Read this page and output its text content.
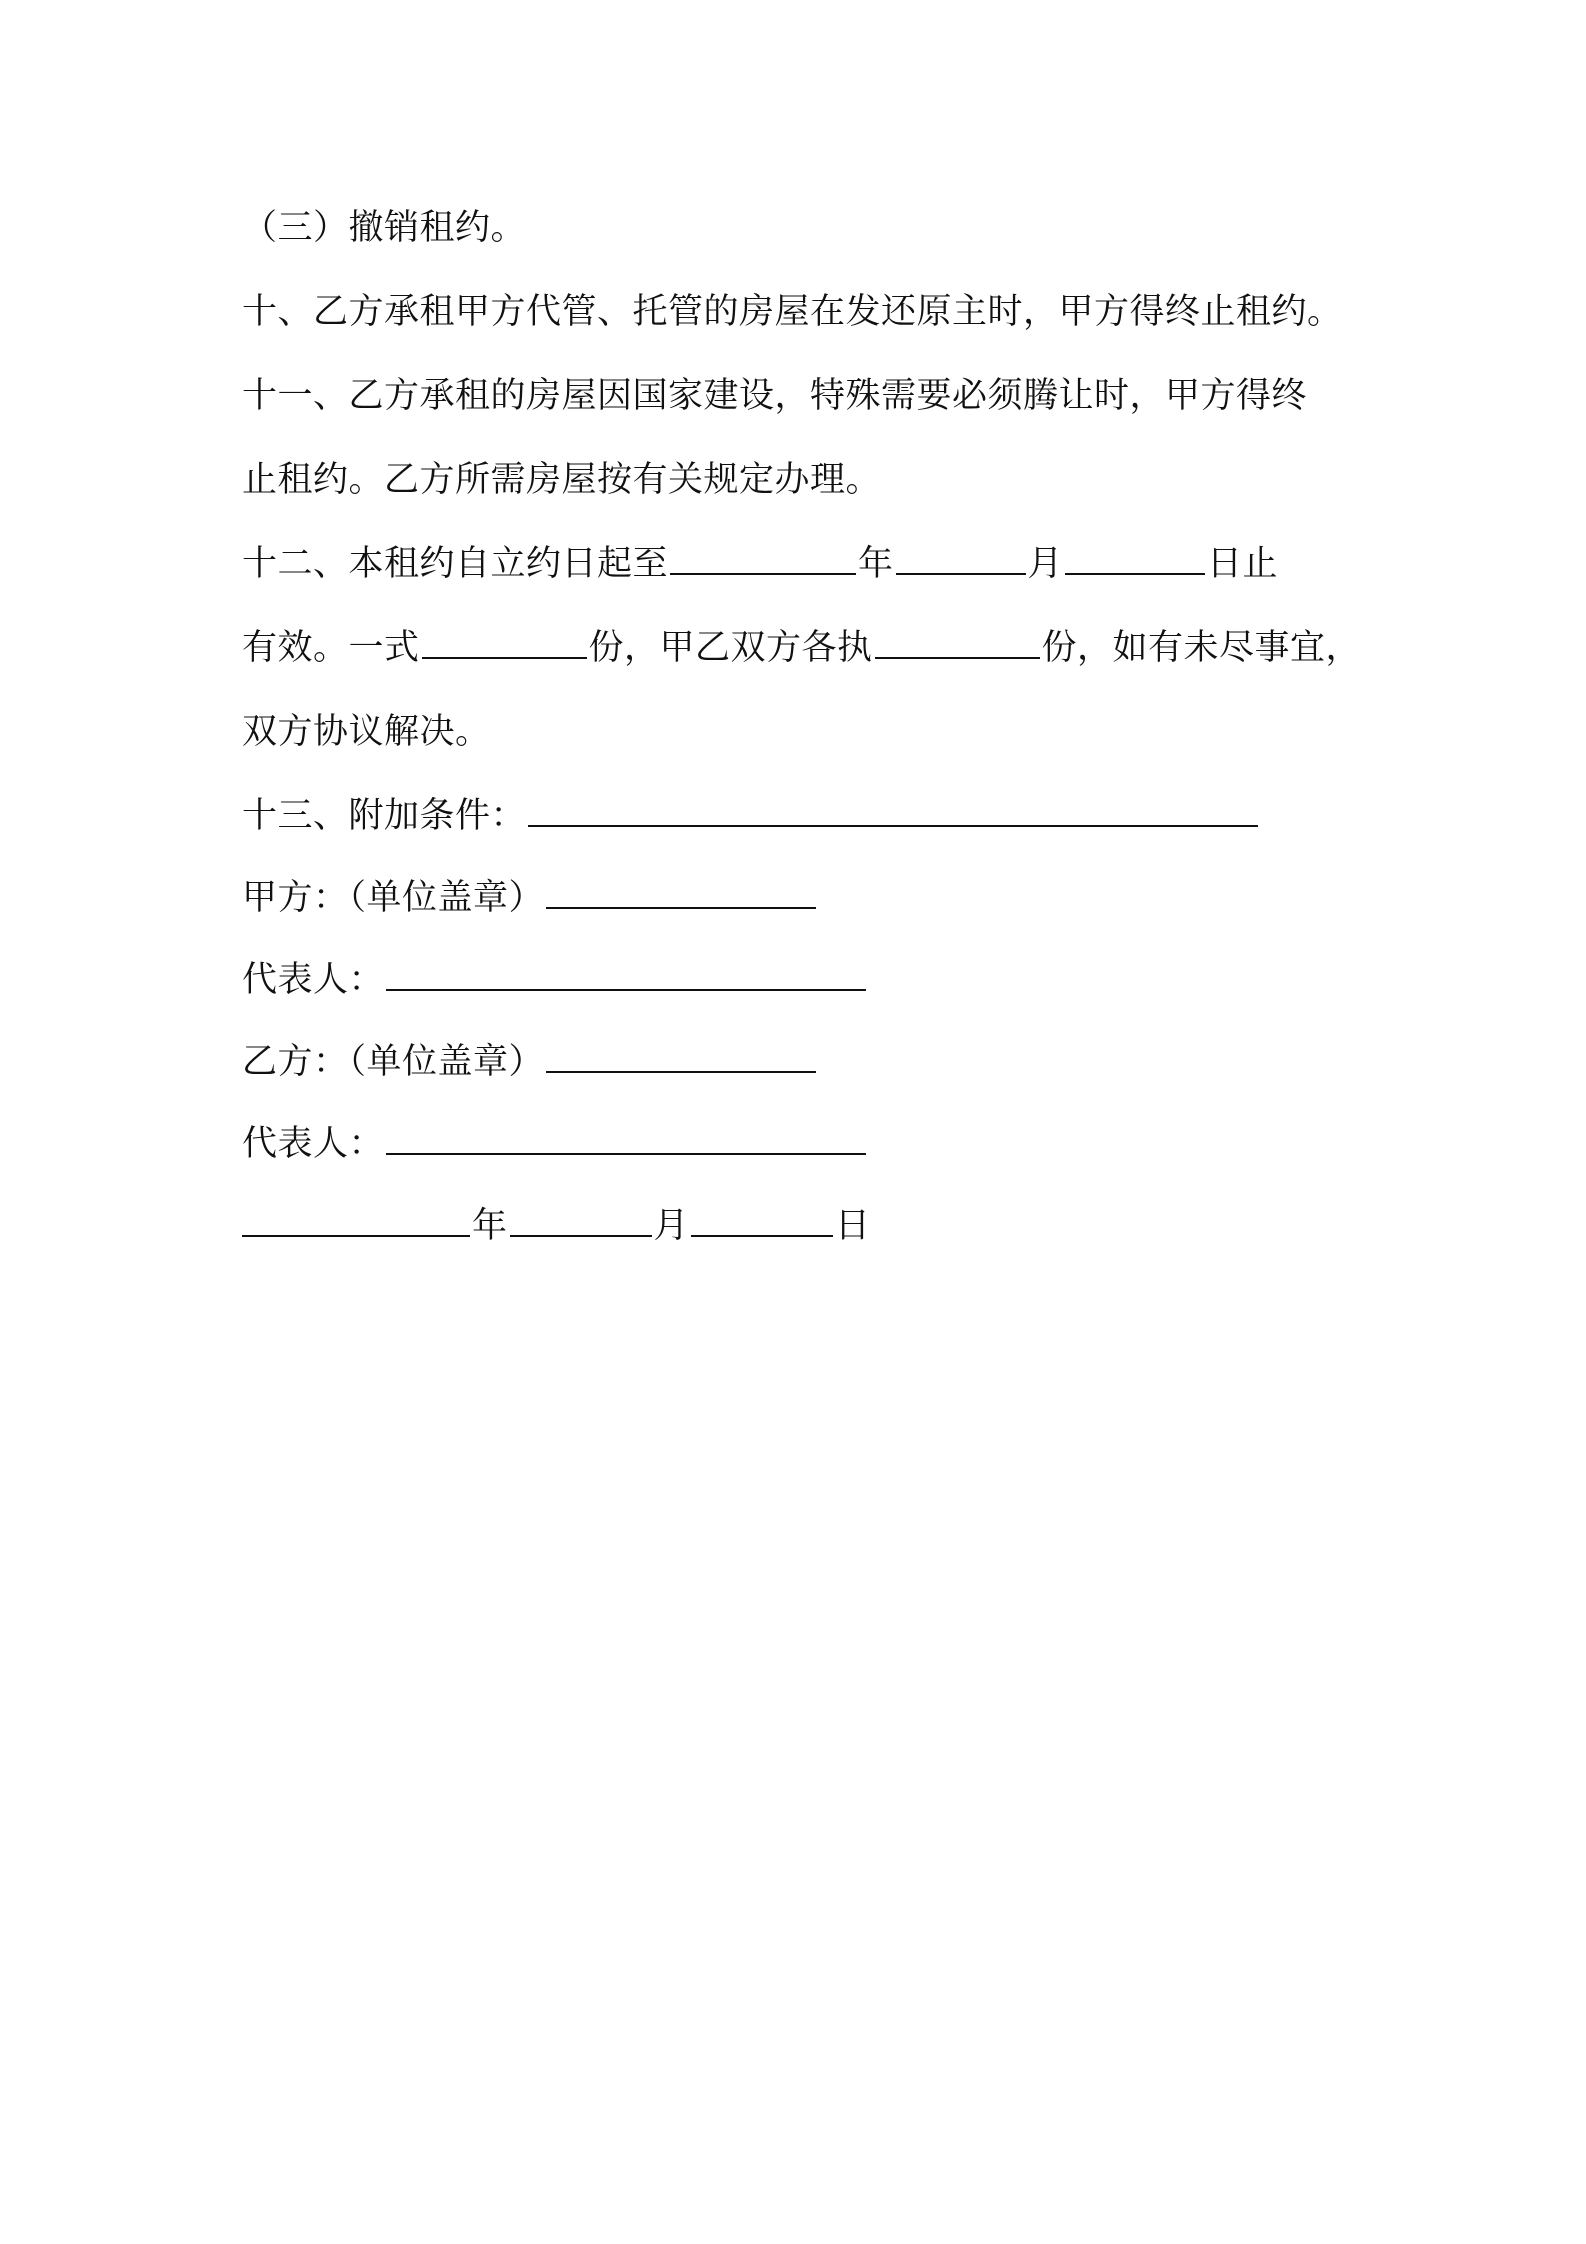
（三）撤销租约。
十、乙方承租甲方代管、托管的房屋在发还原主时，甲方得终止租约。
十一、乙方承租的房屋因国家建设，特殊需要必须腾让时，甲方得终
止租约。乙方所需房屋按有关规定办理。
十二、本租约自立约日起至	年	月	日止
有效。一式	份，甲乙双方各执	份，如有未尽事宜，
双方协议解决。
十三、附加条件：
甲方：（单位盖章）
代表人：
乙方：（单位盖章）
代表人：
年	月	日
